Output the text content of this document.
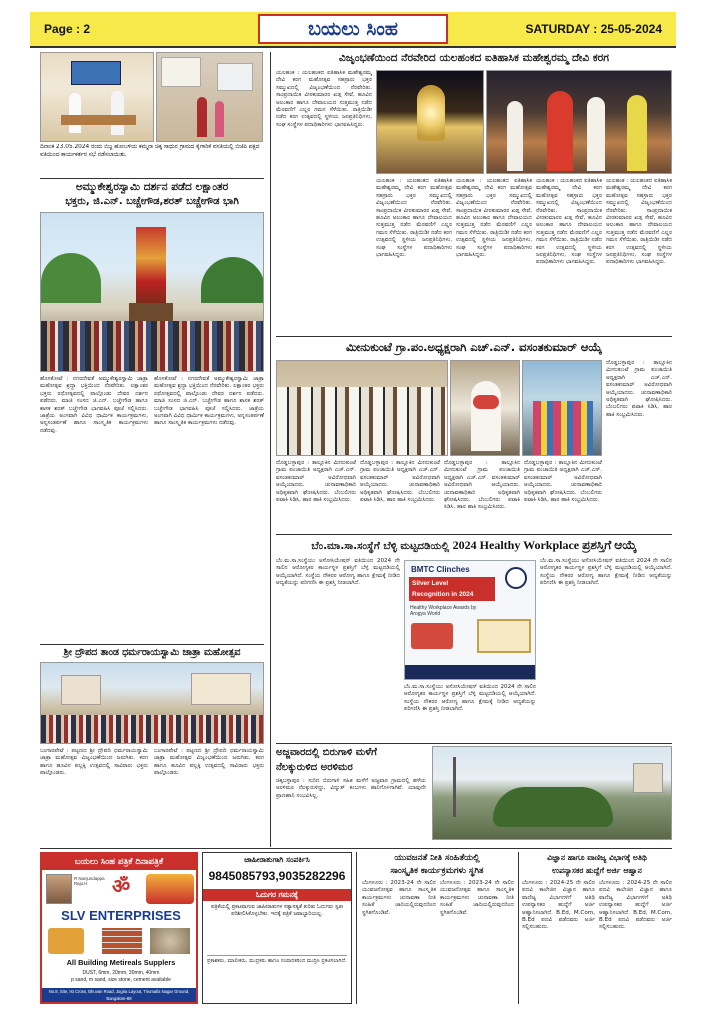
Page : 2	ಬಯಲು ಸಿಂಹ	SATURDAY : 25-05-2024
ದಿನಾಂಕ 23.05.2024 ರಂದು ಬಿಜ್ಜ ಹೋಬಳಿಯ ಕಮ್ಮನಾ ಚಿಕ್ಕ ಸಾಧುನ ಗ್ರಾಮದ ಕೈಗಾರಿಕೆ ವಸತಿಯಲ್ಲಿ ಬಿಜೆಪಿ ಪಕ್ಷದ ವತಿಯಿಂದ ಕಾರ್ಯಕರ್ತರ ಸಭೆ ನಡೆಸಲಾಯಿತು.
ಅಮ್ಮುಕೇಶ್ವರಸ್ವಾಮಿ ದರ್ಶನ ಪಡೆದ ಲಕ್ಷಾಂತರ
ಭಕ್ತರು, ಜಿ.ಎನ್. ಬಚ್ಚೇಗೌಡ,ಶರತ್ ಬಚ್ಚೇಗೌಡ ಭಾಗಿ
ಹೊಸಕೋಟೆ : ನಗರದೇವತೆ ಅಮ್ಮುಕೇಶ್ವರಸ್ವಾಮಿ ಜಾತ್ರಾ ಮಹೋತ್ಸವ ಶ್ರದ್ಧಾ ಭಕ್ತಿಯಿಂದ ನೆರವೇರಿತು. ಲಕ್ಷಾಂತರ ಭಕ್ತರು ರಥೋತ್ಸವದಲ್ಲಿ ಪಾಲ್ಗೊಂಡು ದೇವರ ದರ್ಶನ ಪಡೆದರು. ಮಾಜಿ ಸಂಸದ ಜಿ.ಎನ್. ಬಚ್ಚೇಗೌಡ ಹಾಗೂ ಶಾಸಕ ಶರತ್ ಬಚ್ಚೇಗೌಡ ಭಾಗವಹಿಸಿ ಪೂಜೆ ಸಲ್ಲಿಸಿದರು. ಜಾತ್ರೆಯ ಅಂಗವಾಗಿ ವಿವಿಧ ಧಾರ್ಮಿಕ ಕಾರ್ಯಕ್ರಮಗಳು, ಅನ್ನಸಂತರ್ಪಣೆ ಹಾಗೂ ಸಾಂಸ್ಕೃತಿಕ ಕಾರ್ಯಕ್ರಮಗಳು ನಡೆದವು.
ಹೊಸಕೋಟೆ : ನಗರದೇವತೆ ಅಮ್ಮುಕೇಶ್ವರಸ್ವಾಮಿ ಜಾತ್ರಾ ಮಹೋತ್ಸವ ಶ್ರದ್ಧಾ ಭಕ್ತಿಯಿಂದ ನೆರವೇರಿತು. ಲಕ್ಷಾಂತರ ಭಕ್ತರು ರಥೋತ್ಸವದಲ್ಲಿ ಪಾಲ್ಗೊಂಡು ದೇವರ ದರ್ಶನ ಪಡೆದರು. ಮಾಜಿ ಸಂಸದ ಜಿ.ಎನ್. ಬಚ್ಚೇಗೌಡ ಹಾಗೂ ಶಾಸಕ ಶರತ್ ಬಚ್ಚೇಗೌಡ ಭಾಗವಹಿಸಿ ಪೂಜೆ ಸಲ್ಲಿಸಿದರು. ಜಾತ್ರೆಯ ಅಂಗವಾಗಿ ವಿವಿಧ ಧಾರ್ಮಿಕ ಕಾರ್ಯಕ್ರಮಗಳು, ಅನ್ನಸಂತರ್ಪಣೆ ಹಾಗೂ ಸಾಂಸ್ಕೃತಿಕ ಕಾರ್ಯಕ್ರಮಗಳು ನಡೆದವು.
ಶ್ರೀ ದ್ರೌಪದ ತಾಂಡ ಧರ್ಮರಾಯಸ್ವಾಮಿ ಜಾತ್ರಾ ಮಹೋತ್ಸವ
ಬಂಗಾರಪೇಟೆ : ಪಟ್ಟಣದ ಶ್ರೀ ದ್ರೌಪದಿ ಧರ್ಮರಾಯಸ್ವಾಮಿ ಜಾತ್ರಾ ಮಹೋತ್ಸವ ವಿಜೃಂಭಣೆಯಿಂದ ಜರುಗಿತು. ಕರಗ ಹಾಗೂ ಹೂವಿನ ಪಲ್ಲಕ್ಕಿ ಉತ್ಸವದಲ್ಲಿ ಸಾವಿರಾರು ಭಕ್ತರು ಪಾಲ್ಗೊಂಡರು.
ಬಂಗಾರಪೇಟೆ : ಪಟ್ಟಣದ ಶ್ರೀ ದ್ರೌಪದಿ ಧರ್ಮರಾಯಸ್ವಾಮಿ ಜಾತ್ರಾ ಮಹೋತ್ಸವ ವಿಜೃಂಭಣೆಯಿಂದ ಜರುಗಿತು. ಕರಗ ಹಾಗೂ ಹೂವಿನ ಪಲ್ಲಕ್ಕಿ ಉತ್ಸವದಲ್ಲಿ ಸಾವಿರಾರು ಭಕ್ತರು ಪಾಲ್ಗೊಂಡರು.
ವಿಜೃಂಭಣೆಯಿಂದ ನೆರವೇರಿದ ಯಲಹಂಕದ ಐತಿಹಾಸಿಕ ಮಹೇಶ್ವರಮ್ಮ ದೇವಿ ಕರಗ
ಯಲಹಂಕ : ಯಲಹಂಕದ ಐತಿಹಾಸಿಕ ಮಹೇಶ್ವರಮ್ಮ ದೇವಿ ಕರಗ ಮಹೋತ್ಸವ ಸಹಸ್ರಾರು ಭಕ್ತರ ಸಮ್ಮುಖದಲ್ಲಿ ವಿಜೃಂಭಣೆಯಿಂದ ನೆರವೇರಿತು. ಸಾಂಪ್ರದಾಯಿಕ ವೀರಕುಮಾರರ ಖಡ್ಗ ಸೇವೆ, ಹೂವಿನ ಅಲಂಕಾರ ಹಾಗೂ ದೇವಾಲಯದ ಸುತ್ತಮುತ್ತ ನಡೆದ ಮೆರವಣಿಗೆ ಎಲ್ಲರ ಗಮನ ಸೆಳೆಯಿತು. ರಾತ್ರಿಯಿಡೀ ನಡೆದ ಕರಗ ಉತ್ಸವದಲ್ಲಿ ಸ್ಥಳೀಯ ಜನಪ್ರತಿನಿಧಿಗಳು, ಸಂಘ ಸಂಸ್ಥೆಗಳ ಪದಾಧಿಕಾರಿಗಳು ಭಾಗವಹಿಸಿದ್ದರು.
ಯಲಹಂಕ : ಯಲಹಂಕದ ಐತಿಹಾಸಿಕ ಮಹೇಶ್ವರಮ್ಮ ದೇವಿ ಕರಗ ಮಹೋತ್ಸವ ಸಹಸ್ರಾರು ಭಕ್ತರ ಸಮ್ಮುಖದಲ್ಲಿ ವಿಜೃಂಭಣೆಯಿಂದ ನೆರವೇರಿತು. ಸಾಂಪ್ರದಾಯಿಕ ವೀರಕುಮಾರರ ಖಡ್ಗ ಸೇವೆ, ಹೂವಿನ ಅಲಂಕಾರ ಹಾಗೂ ದೇವಾಲಯದ ಸುತ್ತಮುತ್ತ ನಡೆದ ಮೆರವಣಿಗೆ ಎಲ್ಲರ ಗಮನ ಸೆಳೆಯಿತು. ರಾತ್ರಿಯಿಡೀ ನಡೆದ ಕರಗ ಉತ್ಸವದಲ್ಲಿ ಸ್ಥಳೀಯ ಜನಪ್ರತಿನಿಧಿಗಳು, ಸಂಘ ಸಂಸ್ಥೆಗಳ ಪದಾಧಿಕಾರಿಗಳು ಭಾಗವಹಿಸಿದ್ದರು.
ಯಲಹಂಕ : ಯಲಹಂಕದ ಐತಿಹಾಸಿಕ ಮಹೇಶ್ವರಮ್ಮ ದೇವಿ ಕರಗ ಮಹೋತ್ಸವ ಸಹಸ್ರಾರು ಭಕ್ತರ ಸಮ್ಮುಖದಲ್ಲಿ ವಿಜೃಂಭಣೆಯಿಂದ ನೆರವೇರಿತು. ಸಾಂಪ್ರದಾಯಿಕ ವೀರಕುಮಾರರ ಖಡ್ಗ ಸೇವೆ, ಹೂವಿನ ಅಲಂಕಾರ ಹಾಗೂ ದೇವಾಲಯದ ಸುತ್ತಮುತ್ತ ನಡೆದ ಮೆರವಣಿಗೆ ಎಲ್ಲರ ಗಮನ ಸೆಳೆಯಿತು. ರಾತ್ರಿಯಿಡೀ ನಡೆದ ಕರಗ ಉತ್ಸವದಲ್ಲಿ ಸ್ಥಳೀಯ ಜನಪ್ರತಿನಿಧಿಗಳು, ಸಂಘ ಸಂಸ್ಥೆಗಳ ಪದಾಧಿಕಾರಿಗಳು ಭಾಗವಹಿಸಿದ್ದರು.
ಯಲಹಂಕ : ಯಲಹಂಕದ ಐತಿಹಾಸಿಕ ಮಹೇಶ್ವರಮ್ಮ ದೇವಿ ಕರಗ ಮಹೋತ್ಸವ ಸಹಸ್ರಾರು ಭಕ್ತರ ಸಮ್ಮುಖದಲ್ಲಿ ವಿಜೃಂಭಣೆಯಿಂದ ನೆರವೇರಿತು. ಸಾಂಪ್ರದಾಯಿಕ ವೀರಕುಮಾರರ ಖಡ್ಗ ಸೇವೆ, ಹೂವಿನ ಅಲಂಕಾರ ಹಾಗೂ ದೇವಾಲಯದ ಸುತ್ತಮುತ್ತ ನಡೆದ ಮೆರವಣಿಗೆ ಎಲ್ಲರ ಗಮನ ಸೆಳೆಯಿತು. ರಾತ್ರಿಯಿಡೀ ನಡೆದ ಕರಗ ಉತ್ಸವದಲ್ಲಿ ಸ್ಥಳೀಯ ಜನಪ್ರತಿನಿಧಿಗಳು, ಸಂಘ ಸಂಸ್ಥೆಗಳ ಪದಾಧಿಕಾರಿಗಳು ಭಾಗವಹಿಸಿದ್ದರು.
ಯಲಹಂಕ : ಯಲಹಂಕದ ಐತಿಹಾಸಿಕ ಮಹೇಶ್ವರಮ್ಮ ದೇವಿ ಕರಗ ಮಹೋತ್ಸವ ಸಹಸ್ರಾರು ಭಕ್ತರ ಸಮ್ಮುಖದಲ್ಲಿ ವಿಜೃಂಭಣೆಯಿಂದ ನೆರವೇರಿತು. ಸಾಂಪ್ರದಾಯಿಕ ವೀರಕುಮಾರರ ಖಡ್ಗ ಸೇವೆ, ಹೂವಿನ ಅಲಂಕಾರ ಹಾಗೂ ದೇವಾಲಯದ ಸುತ್ತಮುತ್ತ ನಡೆದ ಮೆರವಣಿಗೆ ಎಲ್ಲರ ಗಮನ ಸೆಳೆಯಿತು. ರಾತ್ರಿಯಿಡೀ ನಡೆದ ಕರಗ ಉತ್ಸವದಲ್ಲಿ ಸ್ಥಳೀಯ ಜನಪ್ರತಿನಿಧಿಗಳು, ಸಂಘ ಸಂಸ್ಥೆಗಳ ಪದಾಧಿಕಾರಿಗಳು ಭಾಗವಹಿಸಿದ್ದರು.
ಮೀನುಕುಂಟೆ ಗ್ರಾ.ಪಂ.ಅಧ್ಯಕ್ಷರಾಗಿ ಎಚ್.ಎನ್. ವಸಂತಕುಮಾರ್ ಆಯ್ಕೆ
ದೊಡ್ಡಬಳ್ಳಾಪುರ : ತಾಲ್ಲೂಕಿನ ಮೀನುಕುಂಟೆ ಗ್ರಾಮ ಪಂಚಾಯಿತಿ ಅಧ್ಯಕ್ಷರಾಗಿ ಎಚ್.ಎನ್. ವಸಂತಕುಮಾರ್ ಅವಿರೋಧವಾಗಿ ಆಯ್ಕೆಯಾದರು. ಚುನಾವಣಾಧಿಕಾರಿ ಅಧಿಕೃತವಾಗಿ ಘೋಷಿಸಿದರು. ಬೆಂಬಲಿಗರು ಪಟಾಕಿ ಸಿಡಿಸಿ, ಹಾರ ಹಾಕಿ ಸಂಭ್ರಮಿಸಿದರು.
ದೊಡ್ಡಬಳ್ಳಾಪುರ : ತಾಲ್ಲೂಕಿನ ಮೀನುಕುಂಟೆ ಗ್ರಾಮ ಪಂಚಾಯಿತಿ ಅಧ್ಯಕ್ಷರಾಗಿ ಎಚ್.ಎನ್. ವಸಂತಕುಮಾರ್ ಅವಿರೋಧವಾಗಿ ಆಯ್ಕೆಯಾದರು. ಚುನಾವಣಾಧಿಕಾರಿ ಅಧಿಕೃತವಾಗಿ ಘೋಷಿಸಿದರು. ಬೆಂಬಲಿಗರು ಪಟಾಕಿ ಸಿಡಿಸಿ, ಹಾರ ಹಾಕಿ ಸಂಭ್ರಮಿಸಿದರು.
ದೊಡ್ಡಬಳ್ಳಾಪುರ : ತಾಲ್ಲೂಕಿನ ಮೀನುಕುಂಟೆ ಗ್ರಾಮ ಪಂಚಾಯಿತಿ ಅಧ್ಯಕ್ಷರಾಗಿ ಎಚ್.ಎನ್. ವಸಂತಕುಮಾರ್ ಅವಿರೋಧವಾಗಿ ಆಯ್ಕೆಯಾದರು. ಚುನಾವಣಾಧಿಕಾರಿ ಅಧಿಕೃತವಾಗಿ ಘೋಷಿಸಿದರು. ಬೆಂಬಲಿಗರು ಪಟಾಕಿ ಸಿಡಿಸಿ, ಹಾರ ಹಾಕಿ ಸಂಭ್ರಮಿಸಿದರು.
ದೊಡ್ಡಬಳ್ಳಾಪುರ : ತಾಲ್ಲೂಕಿನ ಮೀನುಕುಂಟೆ ಗ್ರಾಮ ಪಂಚಾಯಿತಿ ಅಧ್ಯಕ್ಷರಾಗಿ ಎಚ್.ಎನ್. ವಸಂತಕುಮಾರ್ ಅವಿರೋಧವಾಗಿ ಆಯ್ಕೆಯಾದರು. ಚುನಾವಣಾಧಿಕಾರಿ ಅಧಿಕೃತವಾಗಿ ಘೋಷಿಸಿದರು. ಬೆಂಬಲಿಗರು ಪಟಾಕಿ ಸಿಡಿಸಿ, ಹಾರ ಹಾಕಿ ಸಂಭ್ರಮಿಸಿದರು.
ದೊಡ್ಡಬಳ್ಳಾಪುರ : ತಾಲ್ಲೂಕಿನ ಮೀನುಕುಂಟೆ ಗ್ರಾಮ ಪಂಚಾಯಿತಿ ಅಧ್ಯಕ್ಷರಾಗಿ ಎಚ್.ಎನ್. ವಸಂತಕುಮಾರ್ ಅವಿರೋಧವಾಗಿ ಆಯ್ಕೆಯಾದರು. ಚುನಾವಣಾಧಿಕಾರಿ ಅಧಿಕೃತವಾಗಿ ಘೋಷಿಸಿದರು. ಬೆಂಬಲಿಗರು ಪಟಾಕಿ ಸಿಡಿಸಿ, ಹಾರ ಹಾಕಿ ಸಂಭ್ರಮಿಸಿದರು.
ಬೆಂ.ಮಾ.ಸಾ.ಸಂಸ್ಥೆಗೆ ಬೆಳ್ಳಿ ಮಟ್ಟದಡಿಯಲ್ಲಿ 2024 Healthy Workplace ಪ್ರಶಸ್ತಿಗೆ ಆಯ್ಕೆ
ಬೆಂ.ಮ.ಸಾ.ಸಂಸ್ಥೆಯು ಅಸೋಸಿಯೇಷನ್ ವತಿಯಿಂದ 2024 ನೇ ಸಾಲಿನ ಆರೋಗ್ಯಕರ ಕಾರ್ಯಸ್ಥಳ ಪ್ರಶಸ್ತಿಗೆ ಬೆಳ್ಳಿ ಮಟ್ಟದಡಿಯಲ್ಲಿ ಆಯ್ಕೆಯಾಗಿದೆ. ಸಂಸ್ಥೆಯ ನೌಕರರ ಆರೋಗ್ಯ ಹಾಗೂ ಕ್ಷೇಮಕ್ಕೆ ನೀಡಿದ ಆದ್ಯತೆಯನ್ನು ಪರಿಗಣಿಸಿ ಈ ಪ್ರಶಸ್ತಿ ನೀಡಲಾಗಿದೆ.
BMTC Clinches
Silver Level
Recognition in 2024
Healthy Workplace Awards by Arogya World
ಬೆಂ.ಮ.ಸಾ.ಸಂಸ್ಥೆಯು ಅಸೋಸಿಯೇಷನ್ ವತಿಯಿಂದ 2024 ನೇ ಸಾಲಿನ ಆರೋಗ್ಯಕರ ಕಾರ್ಯಸ್ಥಳ ಪ್ರಶಸ್ತಿಗೆ ಬೆಳ್ಳಿ ಮಟ್ಟದಡಿಯಲ್ಲಿ ಆಯ್ಕೆಯಾಗಿದೆ. ಸಂಸ್ಥೆಯ ನೌಕರರ ಆರೋಗ್ಯ ಹಾಗೂ ಕ್ಷೇಮಕ್ಕೆ ನೀಡಿದ ಆದ್ಯತೆಯನ್ನು ಪರಿಗಣಿಸಿ ಈ ಪ್ರಶಸ್ತಿ ನೀಡಲಾಗಿದೆ.
ಬೆಂ.ಮ.ಸಾ.ಸಂಸ್ಥೆಯು ಅಸೋಸಿಯೇಷನ್ ವತಿಯಿಂದ 2024 ನೇ ಸಾಲಿನ ಆರೋಗ್ಯಕರ ಕಾರ್ಯಸ್ಥಳ ಪ್ರಶಸ್ತಿಗೆ ಬೆಳ್ಳಿ ಮಟ್ಟದಡಿಯಲ್ಲಿ ಆಯ್ಕೆಯಾಗಿದೆ. ಸಂಸ್ಥೆಯ ನೌಕರರ ಆರೋಗ್ಯ ಹಾಗೂ ಕ್ಷೇಮಕ್ಕೆ ನೀಡಿದ ಆದ್ಯತೆಯನ್ನು ಪರಿಗಣಿಸಿ ಈ ಪ್ರಶಸ್ತಿ ನೀಡಲಾಗಿದೆ.
ಅಜ್ಜವಾರದಲ್ಲಿ ಬಿರುಗಾಳಿ ಮಳೆಗೆ
ನೆಲಕ್ಕುರುಳಿದ ಅರಳಿಮರ
ಚಿಕ್ಕಬಳ್ಳಾಪುರ : ಸುರಿದ ಬಿರುಗಾಳಿ ಸಹಿತ ಮಳೆಗೆ ಅಜ್ಜವಾರ ಗ್ರಾಮದಲ್ಲಿ ಹಳೆಯ ಅರಳಿಮರ ನೆಲಕ್ಕುರುಳಿದ್ದು, ವಿದ್ಯುತ್ ಕಂಬಗಳು ಹಾನಿಗೊಳಗಾಗಿವೆ. ಯಾವುದೇ ಪ್ರಾಣಹಾನಿ ಸಂಭವಿಸಿಲ್ಲ.
ಬಯಲು ಸಿಂಹ ಪತ್ರಿಕೆ ದಿನಾಪತ್ರಿಕೆ
R Nanjundappa Raju.H	ॐ
SLV ENTERPRISES
All Building Metireals Supplers
DUST, 6mm, 20mm, 30mm, 40mm
p sand, m sand, size stone, cement available
No.8, Site, Ist Cross, Bhuvan Road, Jogira Layout, Tirumalla Nagar Ground, Bangalore-88
ಜಾಹೀರಾತುಗಾಗಿ ಸಂಪರ್ಕಿಸಿ
9845085793,9035282296
ಓದುಗರ ಗಮನಕ್ಕೆ
ಪತ್ರಿಕೆಯಲ್ಲಿ ಪ್ರಕಟವಾಗುವ ಜಾಹೀರಾತುಗಳ ಸತ್ಯಾಸತ್ಯತೆ ಕುರಿತು ಓದುಗರು ಸ್ವತಃ ಪರಿಶೀಲಿಸಿಕೊಳ್ಳಬೇಕು. ಇದಕ್ಕೆ ಪತ್ರಿಕೆ ಜವಾಬ್ದಾರಿಯಲ್ಲ.
ಪ್ರಕಾಶಕರು, ಮಾಲೀಕರು, ಮುದ್ರಕರು ಹಾಗೂ ಸಂಪಾದಕರಿಂದ ಮುದ್ರಿಸಿ ಪ್ರಕಟಿಸಲಾಗಿದೆ.
ಯುವಜನತೆ ನೀತಿ ಸಂಹಿತೆಯಲ್ಲಿ
ಸಾಂಸ್ಕೃತಿಕ ಕಾರ್ಯಕ್ರಮಗಳು ಸ್ಥಗಿತ
ಬೆಂಗಳೂರು : 2023-24 ನೇ ಸಾಲಿನ ಯುವಜನೋತ್ಸವ ಹಾಗೂ ಸಾಂಸ್ಕೃತಿಕ ಕಾರ್ಯಕ್ರಮಗಳು ಚುನಾವಣಾ ನೀತಿ ಸಂಹಿತೆ ಜಾರಿಯಲ್ಲಿರುವುದರಿಂದ ಸ್ಥಗಿತಗೊಂಡಿವೆ.
ಬೆಂಗಳೂರು : 2023-24 ನೇ ಸಾಲಿನ ಯುವಜನೋತ್ಸವ ಹಾಗೂ ಸಾಂಸ್ಕೃತಿಕ ಕಾರ್ಯಕ್ರಮಗಳು ಚುನಾವಣಾ ನೀತಿ ಸಂಹಿತೆ ಜಾರಿಯಲ್ಲಿರುವುದರಿಂದ ಸ್ಥಗಿತಗೊಂಡಿವೆ.
ವಿಜ್ಞಾನ ಹಾಗೂ ವಾಣಿಜ್ಯ ವಿಭಾಗಕ್ಕೆ ಅತಿಥಿ
ಉಪನ್ಯಾಸಕರ ಹುದ್ದೆಗೆ ಅರ್ಜಿ ಆಹ್ವಾನ
ಬೆಂಗಳೂರು : 2024-25 ನೇ ಸಾಲಿನ ಪದವಿ ಕಾಲೇಜಿನ ವಿಜ್ಞಾನ ಹಾಗೂ ವಾಣಿಜ್ಯ ವಿಭಾಗಗಳಿಗೆ ಅತಿಥಿ ಉಪನ್ಯಾಸಕರ ಹುದ್ದೆಗೆ ಅರ್ಜಿ ಆಹ್ವಾನಿಸಲಾಗಿದೆ. B.Ed, M.Com, B.Ed ಪದವಿ ಪಡೆದವರು ಅರ್ಜಿ ಸಲ್ಲಿಸಬಹುದು.
ಬೆಂಗಳೂರು : 2024-25 ನೇ ಸಾಲಿನ ಪದವಿ ಕಾಲೇಜಿನ ವಿಜ್ಞಾನ ಹಾಗೂ ವಾಣಿಜ್ಯ ವಿಭಾಗಗಳಿಗೆ ಅತಿಥಿ ಉಪನ್ಯಾಸಕರ ಹುದ್ದೆಗೆ ಅರ್ಜಿ ಆಹ್ವಾನಿಸಲಾಗಿದೆ. B.Ed, M.Com, B.Ed ಪದವಿ ಪಡೆದವರು ಅರ್ಜಿ ಸಲ್ಲಿಸಬಹುದು.
